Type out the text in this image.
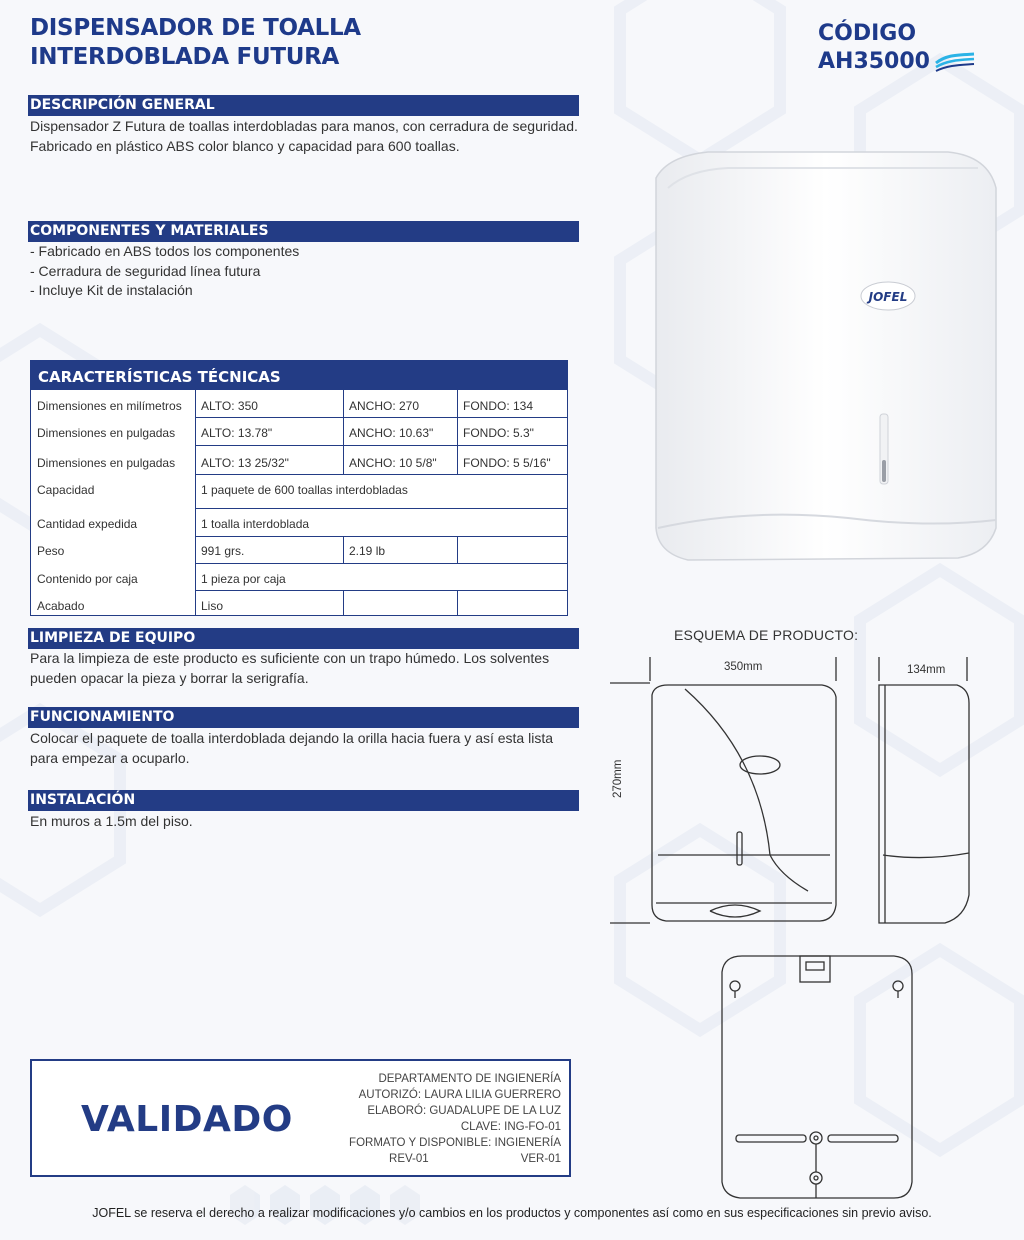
DISPENSADOR DE TOALLA
INTERDOBLADA FUTURA
CÓDIGO
AH35000
DESCRIPCIÓN GENERAL
Dispensador Z Futura de toallas interdobladas para manos, con cerradura de seguridad.
Fabricado en plástico ABS color blanco y capacidad para 600 toallas.
COMPONENTES Y MATERIALES
- Fabricado en ABS todos los componentes
- Cerradura de seguridad línea futura
- Incluye Kit de instalación
CARACTERÍSTICAS TÉCNICAS
Dimensiones en milímetros ALTO: 350	ANCHO: 270	FONDO: 134
Dimensiones en pulgadas ALTO: 13.78"	ANCHO: 10.63" FONDO: 5.3"
Dimensiones en pulgadas ALTO: 13 25/32"	ANCHO: 10 5/8" FONDO: 5 5/16"
Capacidad	1 paquete de 600 toallas interdobladas
Cantidad expedida	1 toalla interdoblada
Peso	991 grs.	2.19 lb
Contenido por caja	1 pieza por caja
Acabado	Liso
LIMPIEZA DE EQUIPO
Para la limpieza de este producto es suficiente con un trapo húmedo. Los solventes
pueden opacar la pieza y borrar la serigrafía.
FUNCIONAMIENTO
Colocar el paquete de toalla interdoblada dejando la orilla hacia fuera y así esta lista
para empezar a ocuparlo.
INSTALACIÓN
En muros a 1.5m del piso.
JOFEL
ESQUEMA DE PRODUCTO:
350mm
270mm
134mm
VALIDADO
DEPARTAMENTO DE INGIENERÍA
AUTORIZÓ: LAURA LILIA GUERRERO
ELABORÓ: GUADALUPE DE LA LUZ
CLAVE: ING-FO-01
FORMATO Y DISPONIBLE: INGIENERÍA
REV-01	VER-01
JOFEL se reserva el derecho a realizar modificaciones y/o cambios en los productos y componentes así como en sus especificaciones sin previo aviso.
